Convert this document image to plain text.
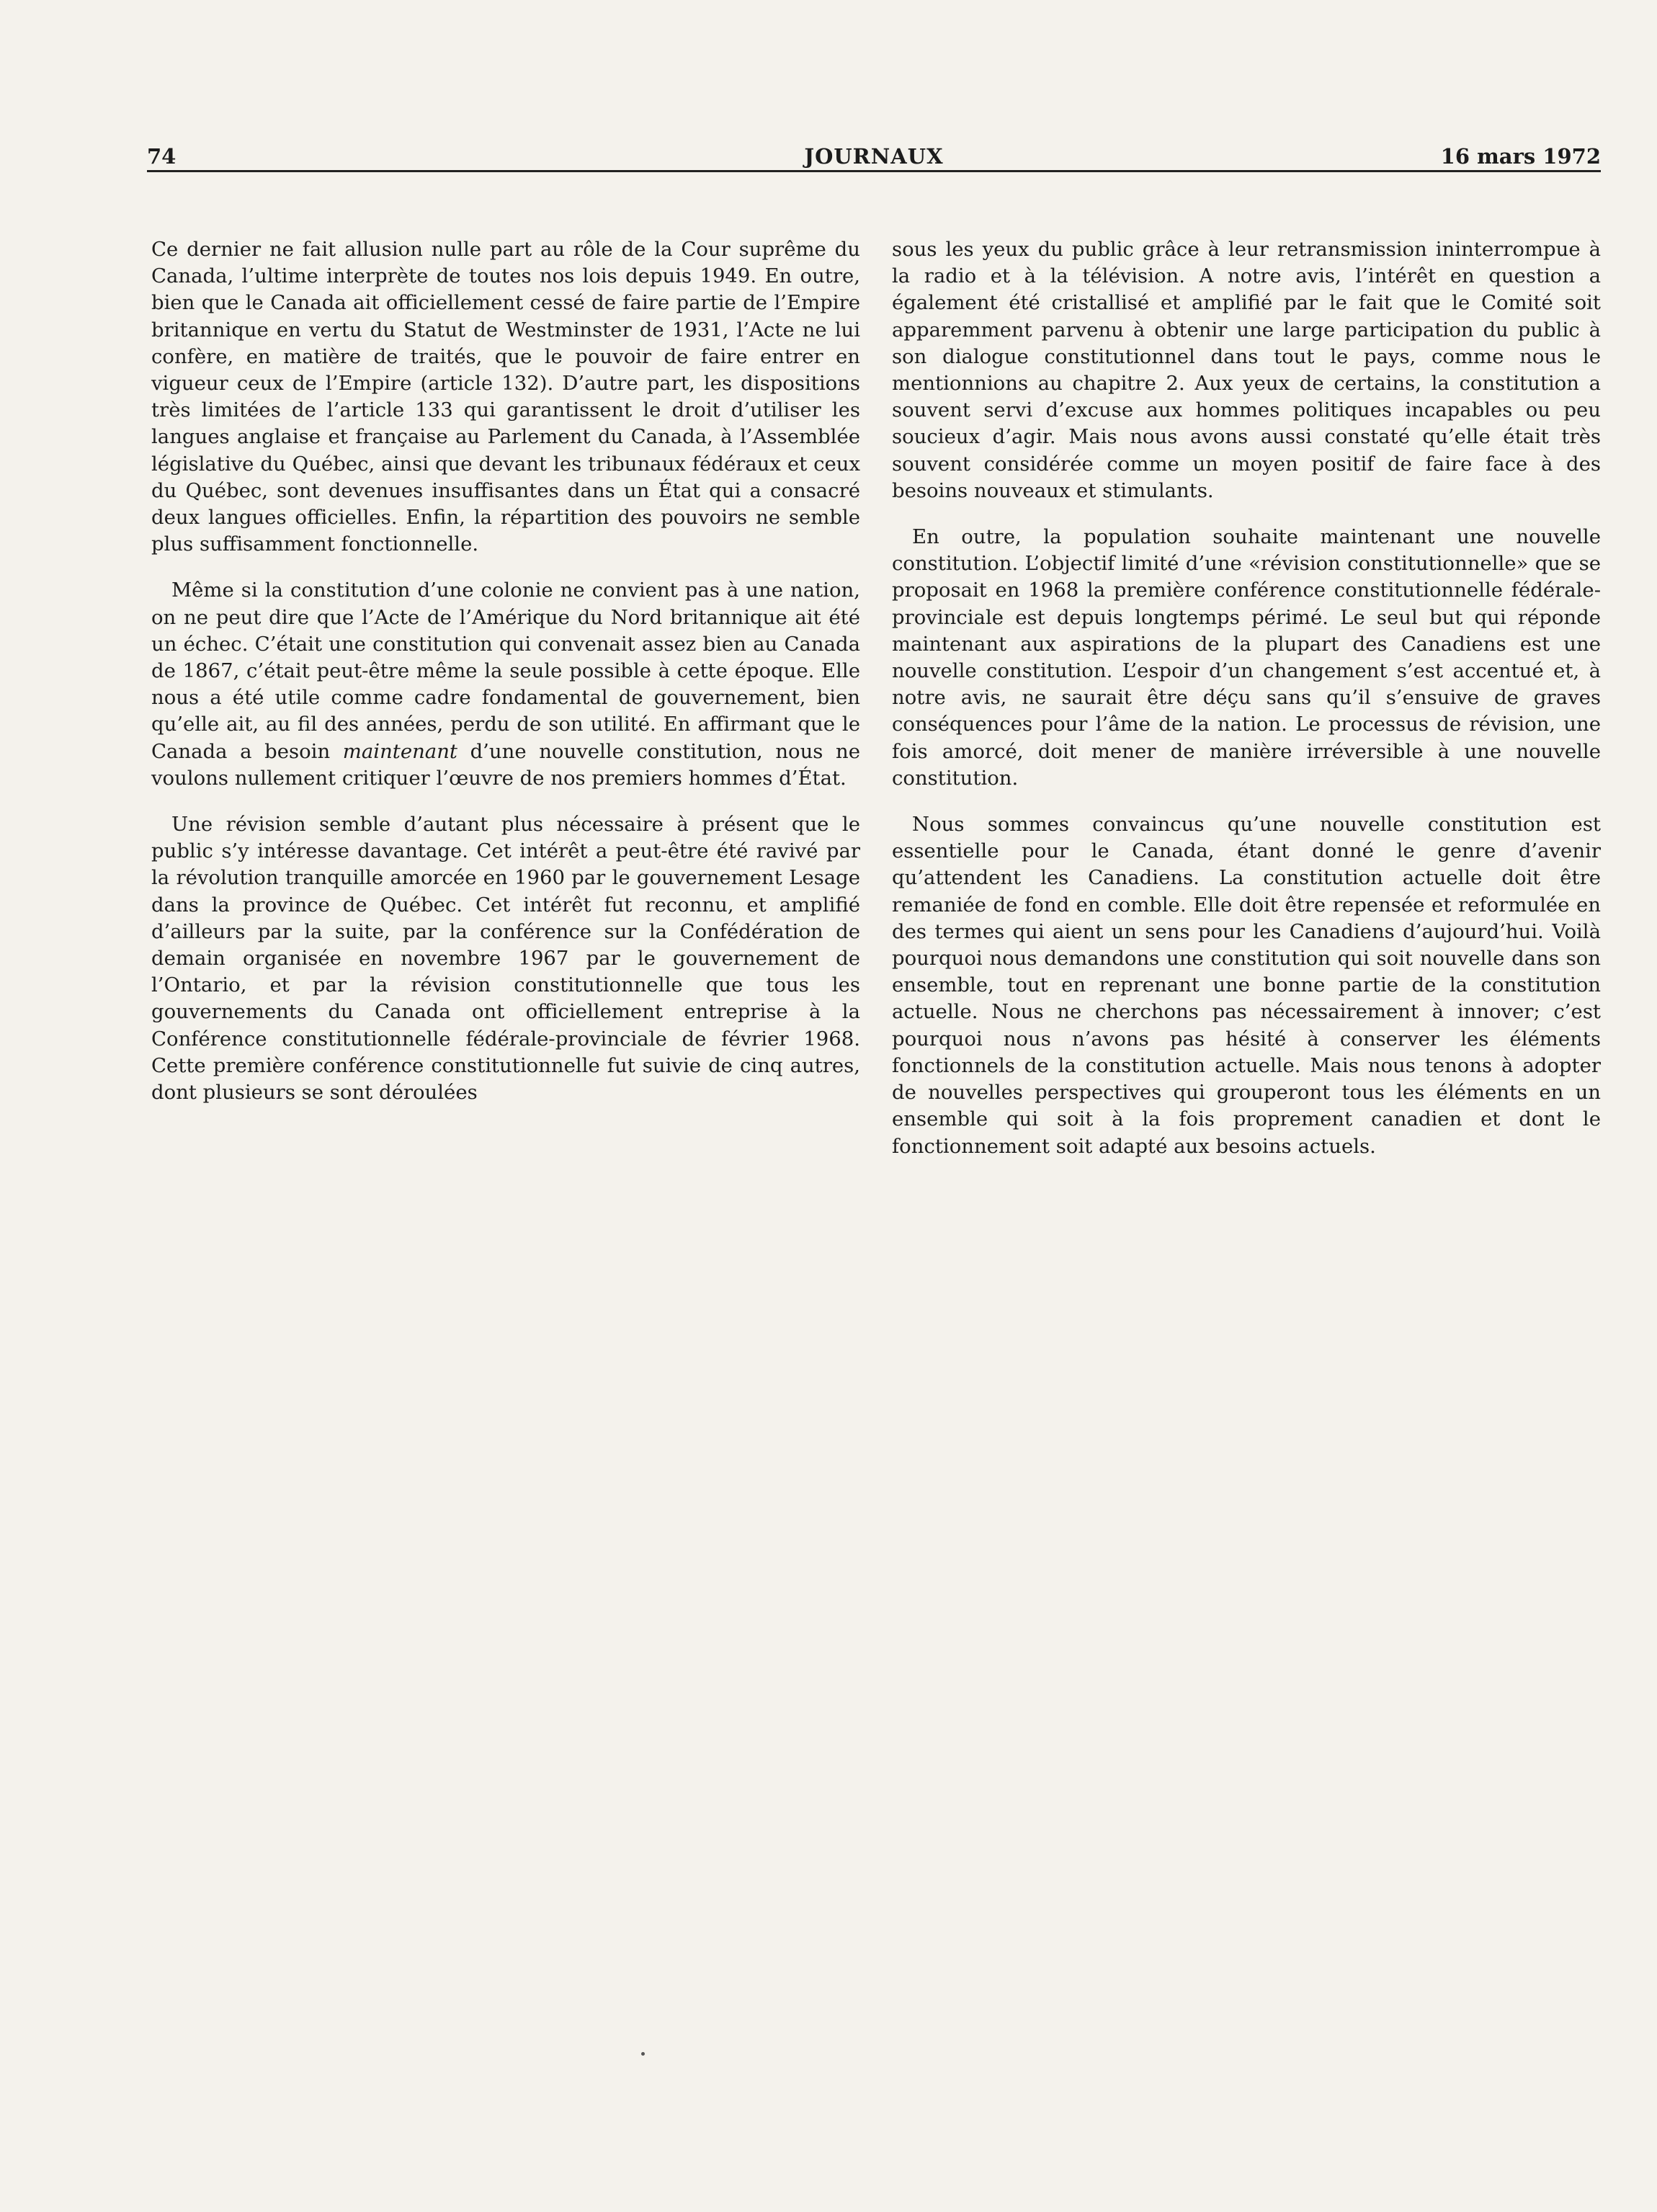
74	JOURNAUX	16 mars 1972

Ce dernier ne fait allusion nulle part au rôle de la Cour suprême du Canada, l’ultime interprète de toutes nos lois depuis 1949. En outre, bien que le Canada ait officiellement cessé de faire partie de l’Empire britannique en vertu du Statut de Westminster de 1931, l’Acte ne lui confère, en matière de traités, que le pouvoir de faire entrer en vigueur ceux de l’Empire (article 132). D’autre part, les dispositions très limitées de l’article 133 qui garantissent le droit d’utiliser les langues anglaise et française au Parlement du Canada, à l’Assemblée législative du Québec, ainsi que devant les tribunaux fédéraux et ceux du Québec, sont devenues insuffisantes dans un État qui a consacré deux langues officielles. Enfin, la répartition des pouvoirs ne semble plus suffisamment fonctionnelle.

Même si la constitution d’une colonie ne convient pas à une nation, on ne peut dire que l’Acte de l’Amérique du Nord britannique ait été un échec. C’était une constitution qui convenait assez bien au Canada de 1867, c’était peut-être même la seule possible à cette époque. Elle nous a été utile comme cadre fondamental de gouvernement, bien qu’elle ait, au fil des années, perdu de son utilité. En affirmant que le Canada a besoin maintenant d’une nouvelle constitution, nous ne voulons nullement critiquer l’œuvre de nos premiers hommes d’État.

Une révision semble d’autant plus nécessaire à présent que le public s’y intéresse davantage. Cet intérêt a peut-être été ravivé par la révolution tranquille amorcée en 1960 par le gouvernement Lesage dans la province de Québec. Cet intérêt fut reconnu, et amplifié d’ailleurs par la suite, par la conférence sur la Confédération de demain organisée en novembre 1967 par le gouvernement de l’Ontario, et par la révision constitutionnelle que tous les gouvernements du Canada ont officiellement entreprise à la Conférence constitutionnelle fédérale-provinciale de février 1968. Cette première conférence constitutionnelle fut suivie de cinq autres, dont plusieurs se sont déroulées

sous les yeux du public grâce à leur retransmission ininterrompue à la radio et à la télévision. A notre avis, l’intérêt en question a également été cristallisé et amplifié par le fait que le Comité soit apparemment parvenu à obtenir une large participation du public à son dialogue constitutionnel dans tout le pays, comme nous le mentionnions au chapitre 2. Aux yeux de certains, la constitution a souvent servi d’excuse aux hommes politiques incapables ou peu soucieux d’agir. Mais nous avons aussi constaté qu’elle était très souvent considérée comme un moyen positif de faire face à des besoins nouveaux et stimulants.

En outre, la population souhaite maintenant une nouvelle constitution. L’objectif limité d’une «révision constitutionnelle» que se proposait en 1968 la première conférence constitutionnelle fédérale-provinciale est depuis longtemps périmé. Le seul but qui réponde maintenant aux aspirations de la plupart des Canadiens est une nouvelle constitution. L’espoir d’un changement s’est accentué et, à notre avis, ne saurait être déçu sans qu’il s’ensuive de graves conséquences pour l’âme de la nation. Le processus de révision, une fois amorcé, doit mener de manière irréversible à une nouvelle constitution.

Nous sommes convaincus qu’une nouvelle constitution est essentielle pour le Canada, étant donné le genre d’avenir qu’attendent les Canadiens. La constitution actuelle doit être remaniée de fond en comble. Elle doit être repensée et reformulée en des termes qui aient un sens pour les Canadiens d’aujourd’hui. Voilà pourquoi nous demandons une constitution qui soit nouvelle dans son ensemble, tout en reprenant une bonne partie de la constitution actuelle. Nous ne cherchons pas nécessairement à innover; c’est pourquoi nous n’avons pas hésité à conserver les éléments fonctionnels de la constitution actuelle. Mais nous tenons à adopter de nouvelles perspectives qui grouperont tous les éléments en un ensemble qui soit à la fois proprement canadien et dont le fonctionnement soit adapté aux besoins actuels.
